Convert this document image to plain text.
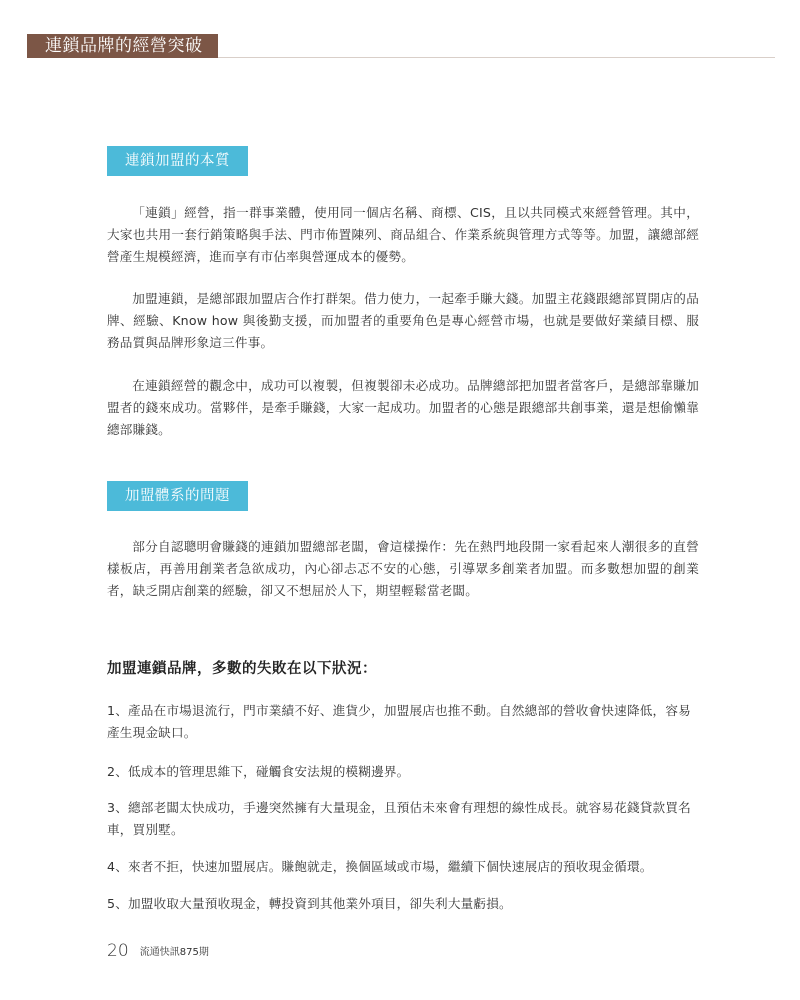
連鎖品牌的經營突破
連鎖加盟的本質

「連鎖」經營，指一群事業體，使用同一個店名稱、商標、CIS，且以共同模式來經營管理。其中，大家也共用一套行銷策略與手法、門市佈置陳列、商品組合、作業系統與管理方式等等。加盟，讓總部經營產生規模經濟，進而享有市佔率與營運成本的優勢。

加盟連鎖，是總部跟加盟店合作打群架。借力使力，一起牽手賺大錢。加盟主花錢跟總部買開店的品牌、經驗、Know how 與後勤支援，而加盟者的重要角色是專心經營市場，也就是要做好業績目標、服務品質與品牌形象這三件事。

在連鎖經營的觀念中，成功可以複製，但複製卻未必成功。品牌總部把加盟者當客戶，是總部靠賺加盟者的錢來成功。當夥伴，是牽手賺錢，大家一起成功。加盟者的心態是跟總部共創事業，還是想偷懶靠總部賺錢。

加盟體系的問題

部分自認聰明會賺錢的連鎖加盟總部老闆，會這樣操作：先在熱門地段開一家看起來人潮很多的直營樣板店，再善用創業者急欲成功，內心卻忐忑不安的心態，引導眾多創業者加盟。而多數想加盟的創業者，缺乏開店創業的經驗，卻又不想屈於人下，期望輕鬆當老闆。

加盟連鎖品牌，多數的失敗在以下狀況：

1、產品在市場退流行，門市業績不好、進貨少，加盟展店也推不動。自然總部的營收會快速降低，容易產生現金缺口。

2、低成本的管理思維下，碰觸食安法規的模糊邊界。

3、總部老闆太快成功，手邊突然擁有大量現金，且預估未來會有理想的線性成長。就容易花錢貸款買名車，買別墅。

4、來者不拒，快速加盟展店。賺飽就走，換個區域或市場，繼續下個快速展店的預收現金循環。

5、加盟收取大量預收現金，轉投資到其他業外項目，卻失利大量虧損。

20 流通快訊875期
